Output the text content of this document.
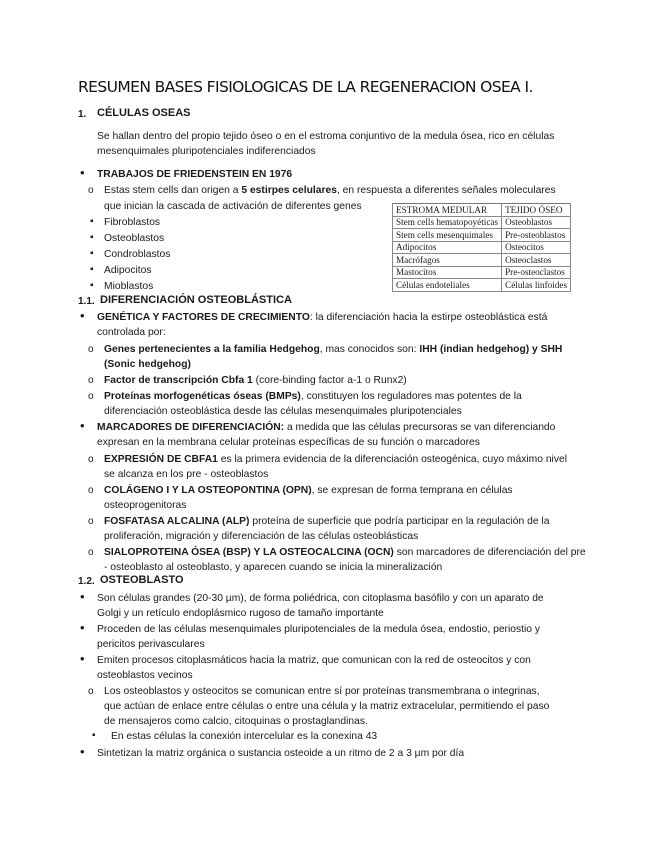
RESUMEN BASES FISIOLOGICAS DE LA REGENERACION OSEA I.
1. CÉLULAS OSEAS
Se hallan dentro del propio tejido óseo o en el estroma conjuntivo de la medula ósea, rico en células
mesenquimales pluripotenciales indiferenciados
•
TRABAJOS DE FRIEDENSTEIN EN 1976
o
Estas stem cells dan origen a 5 estirpes celulares, en respuesta a diferentes señales moleculares
que inician la cascada de activación de diferentes genes
▪
Fibroblastos
▪
Osteoblastos
▪
Condroblastos
▪
Adipocitos
▪
Mioblastos
ESTROMA MEDULAR	TEJIDO ÓSEO
Stem cells hematopoyéticas	Osteoblastos
Stem cells mesenquimales	Pre-osteoblastos
Adipocitos	Osteocitos
Macrófagos	Osteoclastos
Mastocitos	Pre-osteoclastos
Células endoteliales	Células linfoides
1.1. DIFERENCIACIÓN OSTEOBLÁSTICA
•
GENÉTICA Y FACTORES DE CRECIMIENTO: la diferenciación hacia la estirpe osteoblástica está
controlada por:
o
Genes pertenecientes a la familia Hedgehog, mas conocidos son: IHH (indian hedgehog) y SHH
(Sonic hedgehog)
o
Factor de transcripción Cbfa 1 (core-binding factor a-1 o Runx2)
o
Proteínas morfogenéticas óseas (BMPs), constituyen los reguladores mas potentes de la
diferenciación osteoblástica desde las células mesenquimales pluripotenciales
•
MARCADORES DE DIFERENCIACIÓN: a medida que las células precursoras se van diferenciando
expresan en la membrana celular proteínas específicas de su función o marcadores
o
EXPRESIÓN DE CBFA1 es la primera evidencia de la diferenciación osteogénica, cuyo máximo nivel
se alcanza en los pre - osteoblastos
o
COLÁGENO I Y LA OSTEOPONTINA (OPN), se expresan de forma temprana en células
osteoprogenitoras
o
FOSFATASA ALCALINA (ALP) proteína de superficie que podría participar en la regulación de la
proliferación, migración y diferenciación de las células osteoblásticas
o
SIALOPROTEINA ÓSEA (BSP) Y LA OSTEOCALCINA (OCN) son marcadores de diferenciación del pre
- osteoblasto al osteoblasto, y aparecen cuando se inicia la mineralización
1.2. OSTEOBLASTO
•
Son células grandes (20-30 µm), de forma poliédrica, con citoplasma basófilo y con un aparato de
Golgi y un retículo endoplásmico rugoso de tamaño importante
•
Proceden de las células mesenquimales pluripotenciales de la medula ósea, endostio, periostio y
pericitos perivasculares
•
Emiten procesos citoplasmáticos hacia la matriz, que comunican con la red de osteocitos y con
osteoblastos vecinos
o
Los osteoblastos y osteocitos se comunican entre sí por proteínas transmembrana o integrinas,
que actúan de enlace entre células o entre una célula y la matriz extracelular, permitiendo el paso
de mensajeros como calcio, citoquinas o prostaglandinas.
▪
En estas células la conexión intercelular es la conexina 43
•
Sintetizan la matriz orgánica o sustancia osteoide a un ritmo de 2 a 3 µm por día
